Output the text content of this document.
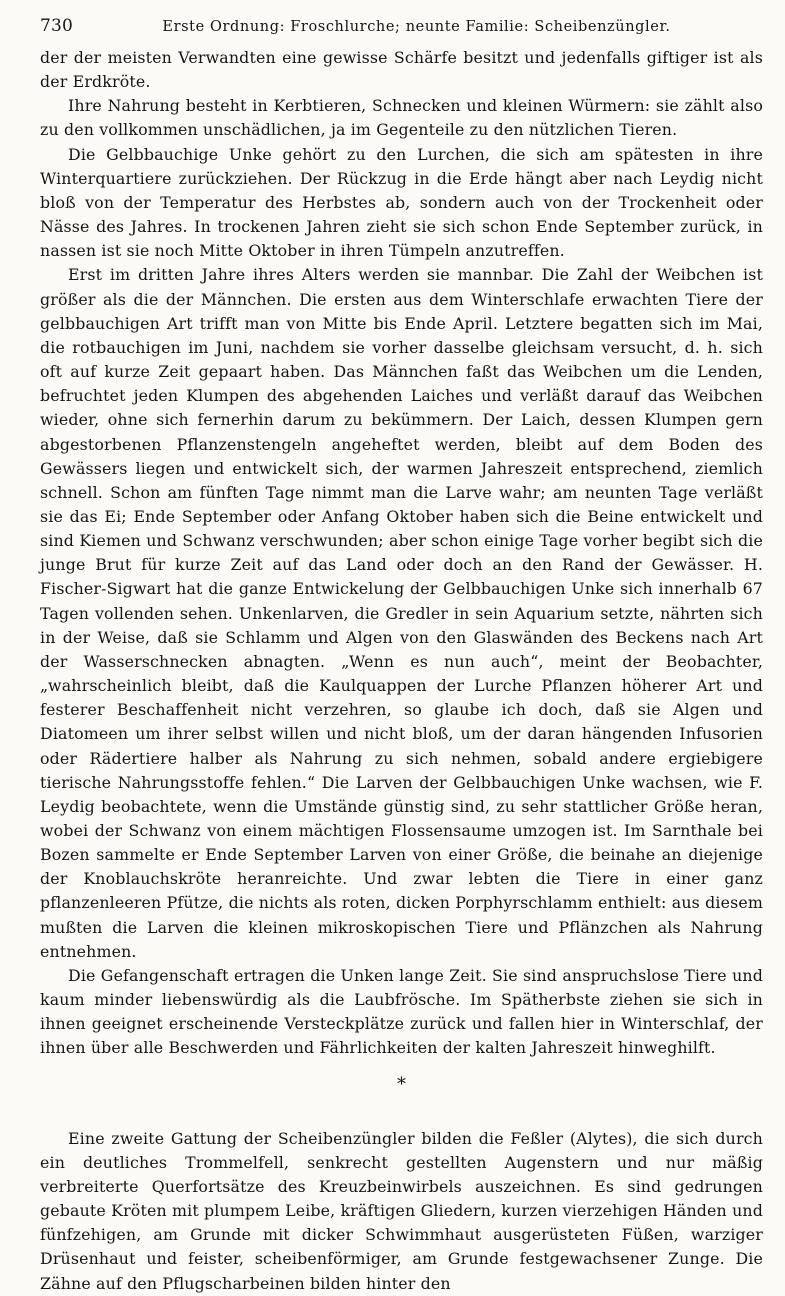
730	Erste Ordnung: Froschlurche; neunte Familie: Scheibenzüngler.

der der meisten Verwandten eine gewisse Schärfe besitzt und jedenfalls giftiger ist als der Erdkröte.

Ihre Nahrung besteht in Kerbtieren, Schnecken und kleinen Würmern: sie zählt also zu den vollkommen unschädlichen, ja im Gegenteile zu den nützlichen Tieren.

Die Gelbbauchige Unke gehört zu den Lurchen, die sich am spätesten in ihre Winterquartiere zurückziehen. Der Rückzug in die Erde hängt aber nach Leydig nicht bloß von der Temperatur des Herbstes ab, sondern auch von der Trockenheit oder Nässe des Jahres. In trockenen Jahren zieht sie sich schon Ende September zurück, in nassen ist sie noch Mitte Oktober in ihren Tümpeln anzutreffen.

Erst im dritten Jahre ihres Alters werden sie mannbar. Die Zahl der Weibchen ist größer als die der Männchen. Die ersten aus dem Winterschlafe erwachten Tiere der gelbbauchigen Art trifft man von Mitte bis Ende April. Letztere begatten sich im Mai, die rotbauchigen im Juni, nachdem sie vorher dasselbe gleichsam versucht, d. h. sich oft auf kurze Zeit gepaart haben. Das Männchen faßt das Weibchen um die Lenden, befruchtet jeden Klumpen des abgehenden Laiches und verläßt darauf das Weibchen wieder, ohne sich fernerhin darum zu bekümmern. Der Laich, dessen Klumpen gern abgestorbenen Pflanzenstengeln angeheftet werden, bleibt auf dem Boden des Gewässers liegen und entwickelt sich, der warmen Jahreszeit entsprechend, ziemlich schnell. Schon am fünften Tage nimmt man die Larve wahr; am neunten Tage verläßt sie das Ei; Ende September oder Anfang Oktober haben sich die Beine entwickelt und sind Kiemen und Schwanz verschwunden; aber schon einige Tage vorher begibt sich die junge Brut für kurze Zeit auf das Land oder doch an den Rand der Gewässer. H. Fischer-Sigwart hat die ganze Entwickelung der Gelbbauchigen Unke sich innerhalb 67 Tagen vollenden sehen. Unkenlarven, die Gredler in sein Aquarium setzte, nährten sich in der Weise, daß sie Schlamm und Algen von den Glaswänden des Beckens nach Art der Wasserschnecken abnagten. „Wenn es nun auch“, meint der Beobachter, „wahrscheinlich bleibt, daß die Kaulquappen der Lurche Pflanzen höherer Art und festerer Beschaffenheit nicht verzehren, so glaube ich doch, daß sie Algen und Diatomeen um ihrer selbst willen und nicht bloß, um der daran hängenden Infusorien oder Rädertiere halber als Nahrung zu sich nehmen, sobald andere ergiebigere tierische Nahrungsstoffe fehlen.“ Die Larven der Gelbbauchigen Unke wachsen, wie F. Leydig beobachtete, wenn die Umstände günstig sind, zu sehr stattlicher Größe heran, wobei der Schwanz von einem mächtigen Flossensaume umzogen ist. Im Sarnthale bei Bozen sammelte er Ende September Larven von einer Größe, die beinahe an diejenige der Knoblauchskröte heranreichte. Und zwar lebten die Tiere in einer ganz pflanzenleeren Pfütze, die nichts als roten, dicken Porphyrschlamm enthielt: aus diesem mußten die Larven die kleinen mikroskopischen Tiere und Pflänzchen als Nahrung entnehmen.

Die Gefangenschaft ertragen die Unken lange Zeit. Sie sind anspruchslose Tiere und kaum minder liebenswürdig als die Laubfrösche. Im Spätherbste ziehen sie sich in ihnen geeignet erscheinende Versteckplätze zurück und fallen hier in Winterschlaf, der ihnen über alle Beschwerden und Fährlichkeiten der kalten Jahreszeit hinweghilft.

*

Eine zweite Gattung der Scheibenzüngler bilden die Feßler (Alytes), die sich durch ein deutliches Trommelfell, senkrecht gestellten Augenstern und nur mäßig verbreiterte Querfortsätze des Kreuzbeinwirbels auszeichnen. Es sind gedrungen gebaute Kröten mit plumpem Leibe, kräftigen Gliedern, kurzen vierzehigen Händen und fünfzehigen, am Grunde mit dicker Schwimmhaut ausgerüsteten Füßen, warziger Drüsenhaut und feister, scheibenförmiger, am Grunde festgewachsener Zunge. Die Zähne auf den Pflugscharbeinen bilden hinter den
